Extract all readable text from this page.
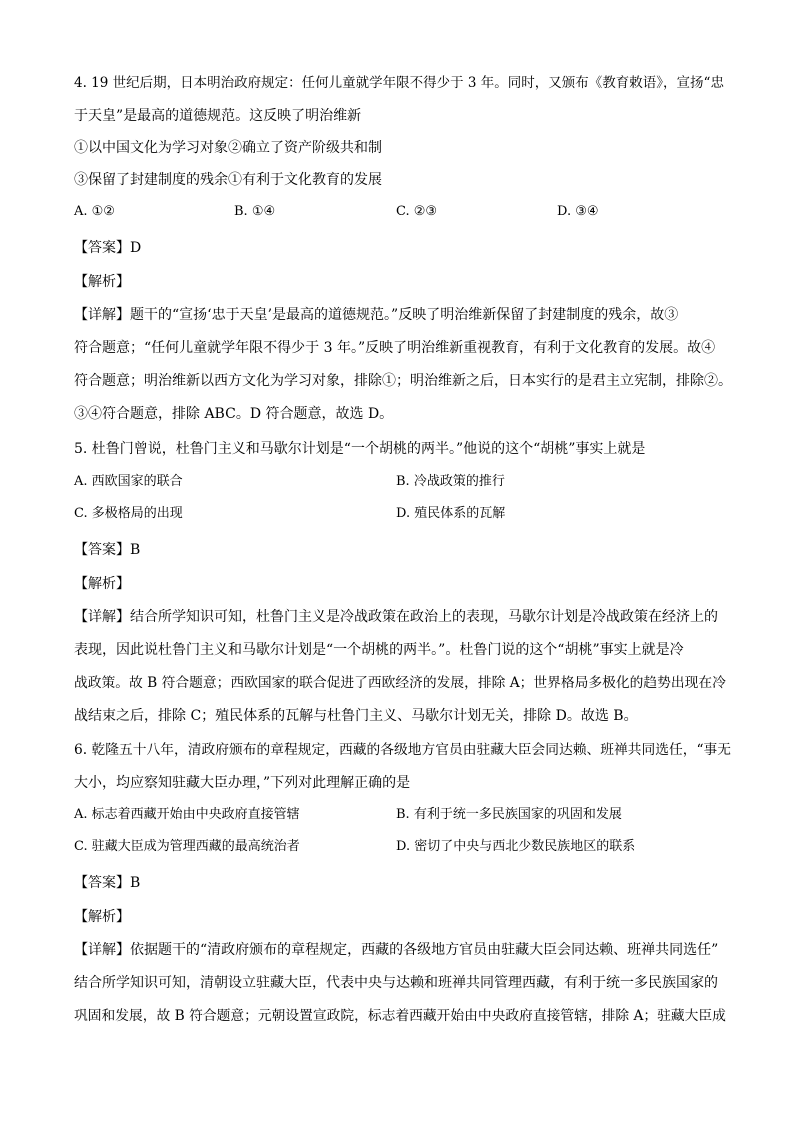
4. 19 世纪后期，日本明治政府规定：任何儿童就学年限不得少于 3 年。同时，又颁布《教育敕语》，宣扬“忠
于天皇”是最高的道德规范。这反映了明治维新
①以中国文化为学习对象②确立了资产阶级共和制
③保留了封建制度的残余①有利于文化教育的发展
A. ①②	B. ①④	C. ②③	D. ③④
【答案】D
【解析】
【详解】题干的“宣扬‘忠于天皇’是最高的道德规范。”反映了明治维新保留了封建制度的残余，故③
符合题意；“任何儿童就学年限不得少于 3 年。”反映了明治维新重视教育，有利于文化教育的发展。故④
符合题意；明治维新以西方文化为学习对象，排除①；明治维新之后，日本实行的是君主立宪制，排除②。
③④符合题意，排除 ABC。D 符合题意，故选 D。
5. 杜鲁门曾说，杜鲁门主义和马歇尔计划是“一个胡桃的两半。”他说的这个“胡桃”事实上就是
A. 西欧国家的联合	B. 冷战政策的推行
C. 多极格局的出现	D. 殖民体系的瓦解
【答案】B
【解析】
【详解】结合所学知识可知，杜鲁门主义是冷战政策在政治上的表现，马歇尔计划是冷战政策在经济上的
表现，因此说杜鲁门主义和马歇尔计划是“一个胡桃的两半。”。杜鲁门说的这个“胡桃”事实上就是冷
战政策。故 B 符合题意；西欧国家的联合促进了西欧经济的发展，排除 A；世界格局多极化的趋势出现在冷
战结束之后，排除 C；殖民体系的瓦解与杜鲁门主义、马歇尔计划无关，排除 D。故选 B。
6. 乾隆五十八年，清政府颁布的章程规定，西藏的各级地方官员由驻藏大臣会同达赖、班禅共同选任，“事无
大小，均应察知驻藏大臣办理，”下列对此理解正确的是
A. 标志着西藏开始由中央政府直接管辖	B. 有利于统一多民族国家的巩固和发展
C. 驻藏大臣成为管理西藏的最高统治者	D. 密切了中央与西北少数民族地区的联系
【答案】B
【解析】
【详解】依据题干的“清政府颁布的章程规定，西藏的各级地方官员由驻藏大臣会同达赖、班禅共同选任”
结合所学知识可知，清朝设立驻藏大臣，代表中央与达赖和班禅共同管理西藏，有利于统一多民族国家的
巩固和发展，故 B 符合题意；元朝设置宣政院，标志着西藏开始由中央政府直接管辖，排除 A；驻藏大臣成
